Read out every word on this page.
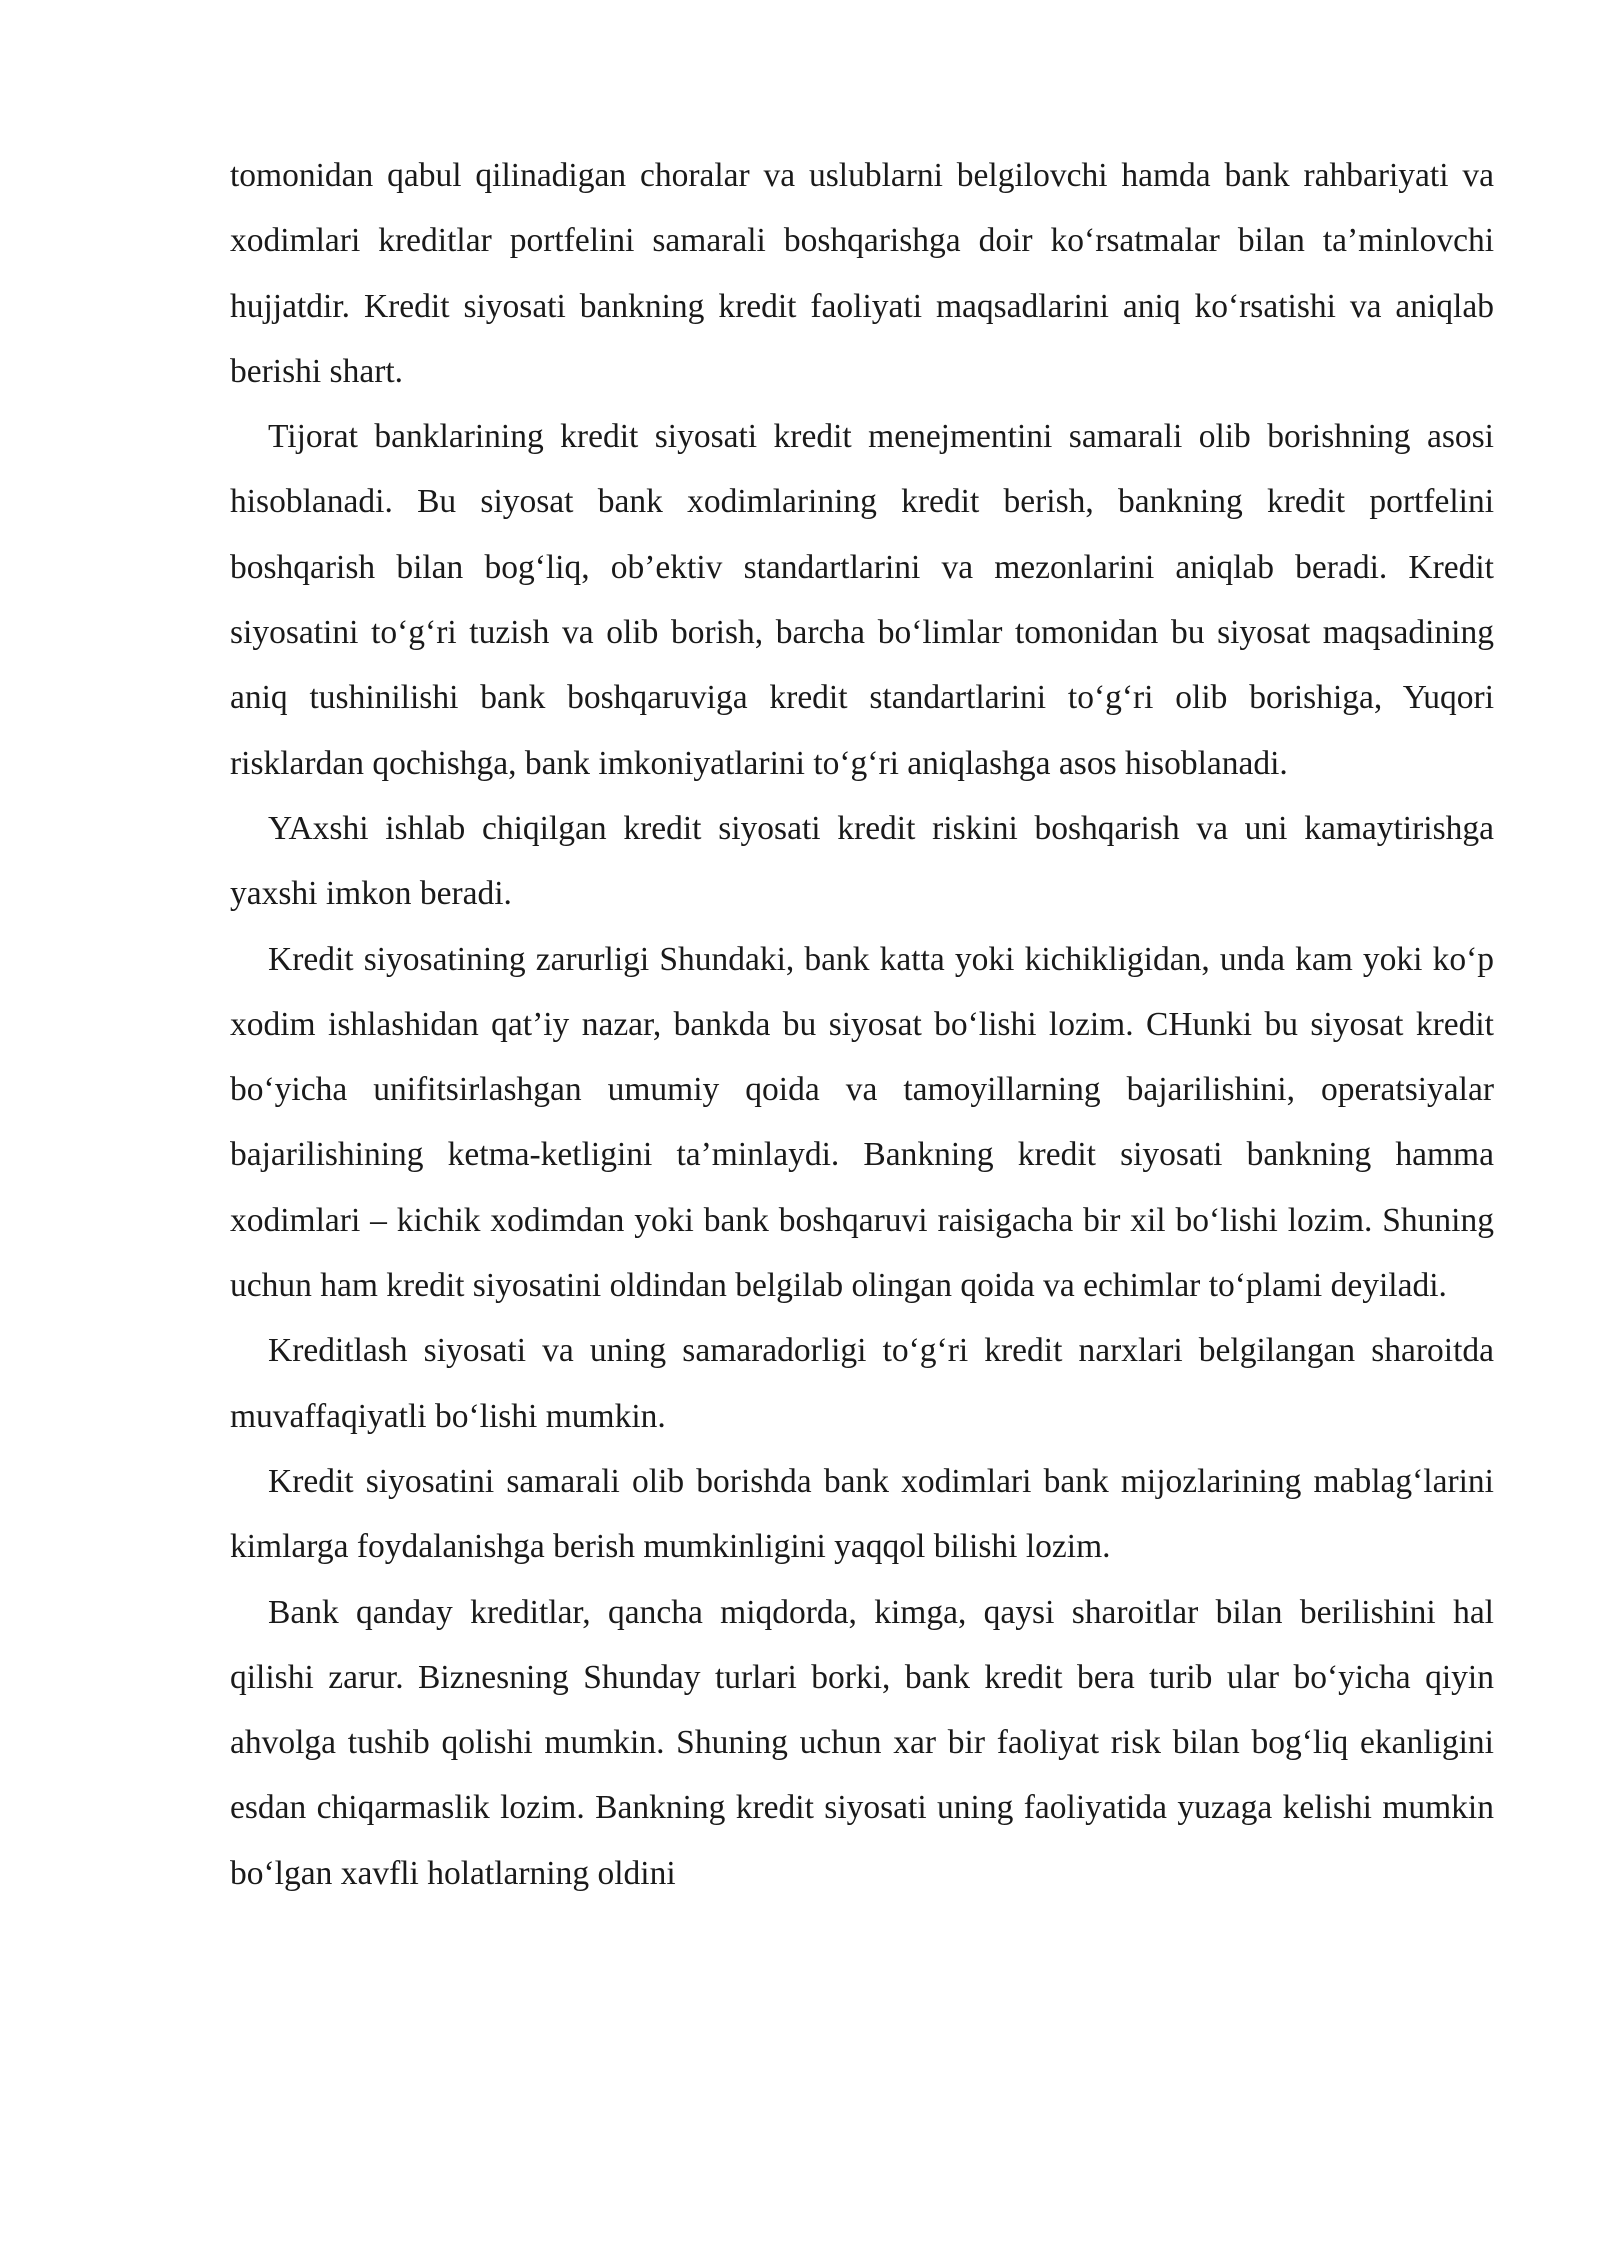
tomonidan qabul qilinadigan choralar va uslublarni belgilovchi hamda bank rahbariyati va xodimlari kreditlar portfelini samarali boshqarishga doir ko‘rsatmalar bilan ta’minlovchi hujjatdir. Kredit siyosati bankning kredit faoliyati maqsadlarini aniq ko‘rsatishi va aniqlab berishi shart.

Tijorat banklarining kredit siyosati kredit menejmentini samarali olib borishning asosi hisoblanadi. Bu siyosat bank xodimlarining kredit berish, bankning kredit portfelini boshqarish bilan bog‘liq, ob’ektiv standartlarini va mezonlarini aniqlab beradi. Kredit siyosatini to‘g‘ri tuzish va olib borish, barcha bo‘limlar tomonidan bu siyosat maqsadining aniq tushinilishi bank boshqaruviga kredit standartlarini to‘g‘ri olib borishiga, Yuqori risklardan qochishga, bank imkoniyatlarini to‘g‘ri aniqlashga asos hisoblanadi.

YAxshi ishlab chiqilgan kredit siyosati kredit riskini boshqarish va uni kamaytirishga yaxshi imkon beradi.

Kredit siyosatining zarurligi Shundaki, bank katta yoki kichikligidan, unda kam yoki ko‘p xodim ishlashidan qat’iy nazar, bankda bu siyosat bo‘lishi lozim. CHunki bu siyosat kredit bo‘yicha unifitsirlashgan umumiy qoida va tamoyillarning bajarilishini, operatsiyalar bajarilishining ketma-ketligini ta’minlaydi. Bankning kredit siyosati bankning hamma xodimlari – kichik xodimdan yoki bank boshqaruvi raisigacha bir xil bo‘lishi lozim. Shuning uchun ham kredit siyosatini oldindan belgilab olingan qoida va echimlar to‘plami deyiladi.

Kreditlash siyosati va uning samaradorligi to‘g‘ri kredit narxlari belgilangan sharoitda muvaffaqiyatli bo‘lishi mumkin.

Kredit siyosatini samarali olib borishda bank xodimlari bank mijozlarining mablag‘larini kimlarga foydalanishga berish mumkinligini yaqqol bilishi lozim.

Bank qanday kreditlar, qancha miqdorda, kimga, qaysi sharoitlar bilan berilishini hal qilishi zarur. Biznesning Shunday turlari borki, bank kredit bera turib ular bo‘yicha qiyin ahvolga tushib qolishi mumkin. Shuning uchun xar bir faoliyat risk bilan bog‘liq ekanligini esdan chiqarmaslik lozim. Bankning kredit siyosati uning faoliyatida yuzaga kelishi mumkin bo‘lgan xavfli holatlarning oldini
